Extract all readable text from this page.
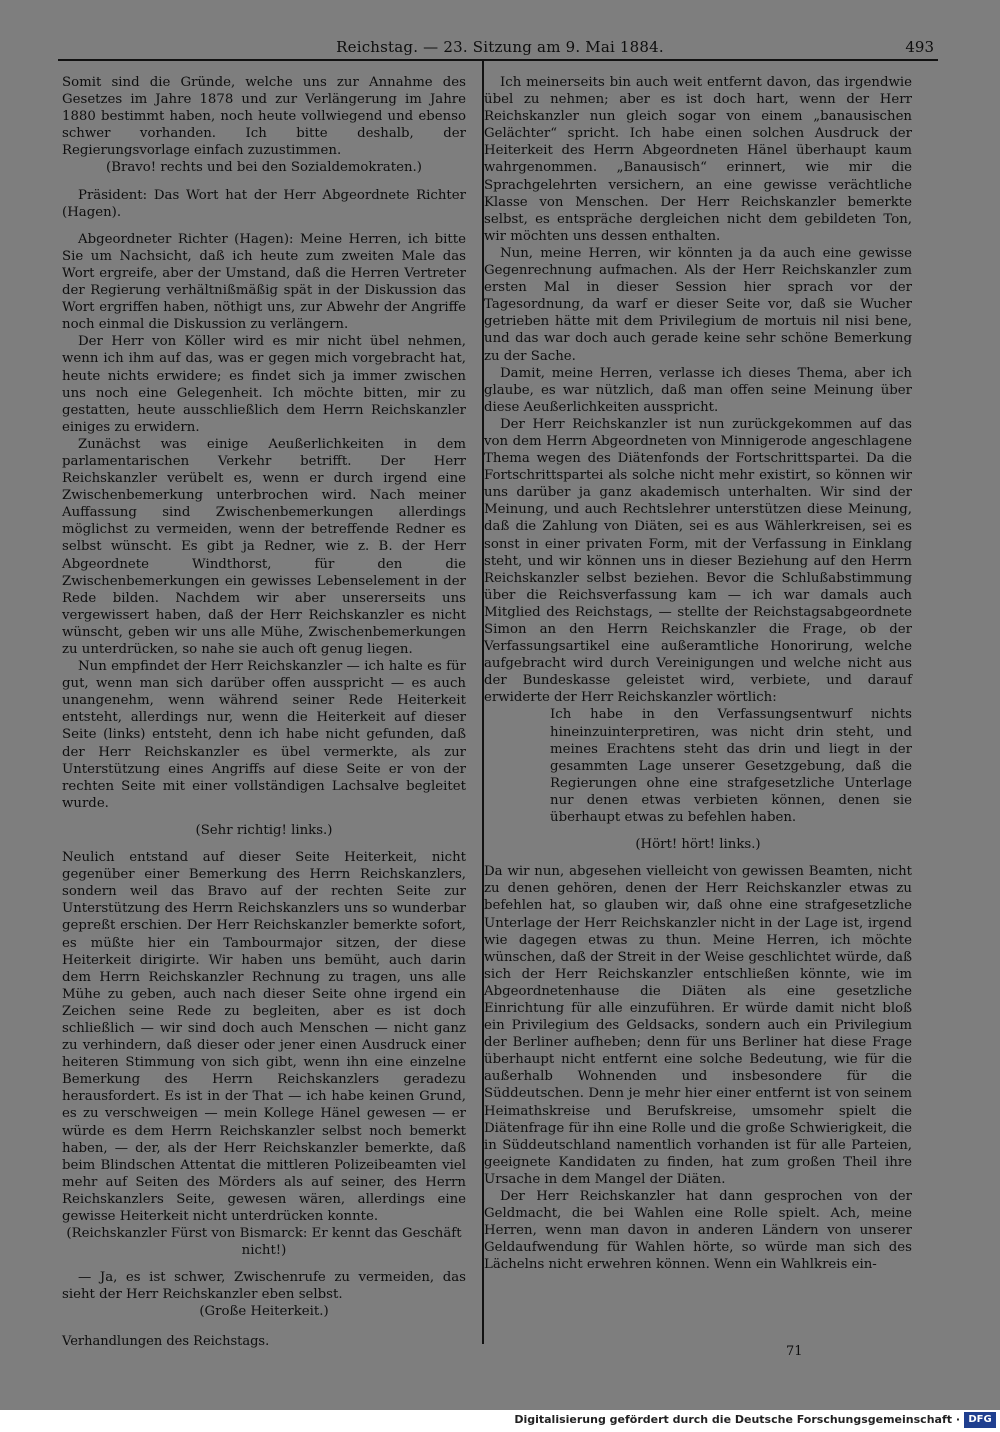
Reichstag. — 23. Sitzung am 9. Mai 1884.	493

Somit sind die Gründe, welche uns zur Annahme des Gesetzes im Jahre 1878 und zur Verlängerung im Jahre 1880 bestimmt haben, noch heute vollwiegend und ebenso schwer vorhanden. Ich bitte deshalb, der Regierungsvorlage einfach zuzustimmen.

(Bravo! rechts und bei den Sozialdemokraten.)

Präsident: Das Wort hat der Herr Abgeordnete Richter (Hagen).

Abgeordneter Richter (Hagen): Meine Herren, ich bitte Sie um Nachsicht, daß ich heute zum zweiten Male das Wort ergreife, aber der Umstand, daß die Herren Vertreter der Regierung verhältnißmäßig spät in der Diskussion das Wort ergriffen haben, nöthigt uns, zur Abwehr der Angriffe noch einmal die Diskussion zu verlängern.

Der Herr von Köller wird es mir nicht übel nehmen, wenn ich ihm auf das, was er gegen mich vorgebracht hat, heute nichts erwidere; es findet sich ja immer zwischen uns noch eine Gelegenheit. Ich möchte bitten, mir zu gestatten, heute ausschließlich dem Herrn Reichskanzler einiges zu erwidern.

Zunächst was einige Aeußerlichkeiten in dem parlamentarischen Verkehr betrifft. Der Herr Reichskanzler verübelt es, wenn er durch irgend eine Zwischenbemerkung unterbrochen wird. Nach meiner Auffassung sind Zwischenbemerkungen allerdings möglichst zu vermeiden, wenn der betreffende Redner es selbst wünscht. Es gibt ja Redner, wie z. B. der Herr Abgeordnete Windthorst, für den die Zwischenbemerkungen ein gewisses Lebenselement in der Rede bilden. Nachdem wir aber unsererseits uns vergewissert haben, daß der Herr Reichskanzler es nicht wünscht, geben wir uns alle Mühe, Zwischenbemerkungen zu unterdrücken, so nahe sie auch oft genug liegen.

Nun empfindet der Herr Reichskanzler — ich halte es für gut, wenn man sich darüber offen ausspricht — es auch unangenehm, wenn während seiner Rede Heiterkeit entsteht, allerdings nur, wenn die Heiterkeit auf dieser Seite (links) entsteht, denn ich habe nicht gefunden, daß der Herr Reichskanzler es übel vermerkte, als zur Unterstützung eines Angriffs auf diese Seite er von der rechten Seite mit einer vollständigen Lachsalve begleitet wurde.

(Sehr richtig! links.)

Neulich entstand auf dieser Seite Heiterkeit, nicht gegenüber einer Bemerkung des Herrn Reichskanzlers, sondern weil das Bravo auf der rechten Seite zur Unterstützung des Herrn Reichskanzlers uns so wunderbar gepreßt erschien. Der Herr Reichskanzler bemerkte sofort, es müßte hier ein Tambourmajor sitzen, der diese Heiterkeit dirigirte. Wir haben uns bemüht, auch darin dem Herrn Reichskanzler Rechnung zu tragen, uns alle Mühe zu geben, auch nach dieser Seite ohne irgend ein Zeichen seine Rede zu begleiten, aber es ist doch schließlich — wir sind doch auch Menschen — nicht ganz zu verhindern, daß dieser oder jener einen Ausdruck einer heiteren Stimmung von sich gibt, wenn ihn eine einzelne Bemerkung des Herrn Reichskanzlers geradezu herausfordert. Es ist in der That — ich habe keinen Grund, es zu verschweigen — mein Kollege Hänel gewesen — er würde es dem Herrn Reichskanzler selbst noch bemerkt haben, — der, als der Herr Reichskanzler bemerkte, daß beim Blindschen Attentat die mittleren Polizeibeamten viel mehr auf Seiten des Mörders als auf seiner, des Herrn Reichskanzlers Seite, gewesen wären, allerdings eine gewisse Heiterkeit nicht unterdrücken konnte.

(Reichskanzler Fürst von Bismarck: Er kennt das Geschäft nicht!)

— Ja, es ist schwer, Zwischenrufe zu vermeiden, das sieht der Herr Reichskanzler eben selbst.

(Große Heiterkeit.)

Ich meinerseits bin auch weit entfernt davon, das irgendwie übel zu nehmen; aber es ist doch hart, wenn der Herr Reichskanzler nun gleich sogar von einem „banausischen Gelächter“ spricht. Ich habe einen solchen Ausdruck der Heiterkeit des Herrn Abgeordneten Hänel überhaupt kaum wahrgenommen. „Banausisch“ erinnert, wie mir die Sprachgelehrten versichern, an eine gewisse verächtliche Klasse von Menschen. Der Herr Reichskanzler bemerkte selbst, es entspräche dergleichen nicht dem gebildeten Ton, wir möchten uns dessen enthalten.

Nun, meine Herren, wir könnten ja da auch eine gewisse Gegenrechnung aufmachen. Als der Herr Reichskanzler zum ersten Mal in dieser Session hier sprach vor der Tagesordnung, da warf er dieser Seite vor, daß sie Wucher getrieben hätte mit dem Privilegium de mortuis nil nisi bene, und das war doch auch gerade keine sehr schöne Bemerkung zu der Sache.

Damit, meine Herren, verlasse ich dieses Thema, aber ich glaube, es war nützlich, daß man offen seine Meinung über diese Aeußerlichkeiten ausspricht.

Der Herr Reichskanzler ist nun zurückgekommen auf das von dem Herrn Abgeordneten von Minnigerode angeschlagene Thema wegen des Diätenfonds der Fortschrittspartei. Da die Fortschrittspartei als solche nicht mehr existirt, so können wir uns darüber ja ganz akademisch unterhalten. Wir sind der Meinung, und auch Rechtslehrer unterstützen diese Meinung, daß die Zahlung von Diäten, sei es aus Wählerkreisen, sei es sonst in einer privaten Form, mit der Verfassung in Einklang steht, und wir können uns in dieser Beziehung auf den Herrn Reichskanzler selbst beziehen. Bevor die Schlußabstimmung über die Reichsverfassung kam — ich war damals auch Mitglied des Reichstags, — stellte der Reichstagsabgeordnete Simon an den Herrn Reichskanzler die Frage, ob der Verfassungsartikel eine außeramtliche Honorirung, welche aufgebracht wird durch Vereinigungen und welche nicht aus der Bundeskasse geleistet wird, verbiete, und darauf erwiderte der Herr Reichskanzler wörtlich:

Ich habe in den Verfassungsentwurf nichts hineinzuinterpretiren, was nicht drin steht, und meines Erachtens steht das drin und liegt in der gesammten Lage unserer Gesetzgebung, daß die Regierungen ohne eine strafgesetzliche Unterlage nur denen etwas verbieten können, denen sie überhaupt etwas zu befehlen haben.

(Hört! hört! links.)

Da wir nun, abgesehen vielleicht von gewissen Beamten, nicht zu denen gehören, denen der Herr Reichskanzler etwas zu befehlen hat, so glauben wir, daß ohne eine strafgesetzliche Unterlage der Herr Reichskanzler nicht in der Lage ist, irgend wie dagegen etwas zu thun. Meine Herren, ich möchte wünschen, daß der Streit in der Weise geschlichtet würde, daß sich der Herr Reichskanzler entschließen könnte, wie im Abgeordnetenhause die Diäten als eine gesetzliche Einrichtung für alle einzuführen. Er würde damit nicht bloß ein Privilegium des Geldsacks, sondern auch ein Privilegium der Berliner aufheben; denn für uns Berliner hat diese Frage überhaupt nicht entfernt eine solche Bedeutung, wie für die außerhalb Wohnenden und insbesondere für die Süddeutschen. Denn je mehr hier einer entfernt ist von seinem Heimathskreise und Berufskreise, umsomehr spielt die Diätenfrage für ihn eine Rolle und die große Schwierigkeit, die in Süddeutschland namentlich vorhanden ist für alle Parteien, geeignete Kandidaten zu finden, hat zum großen Theil ihre Ursache in dem Mangel der Diäten.

Der Herr Reichskanzler hat dann gesprochen von der Geldmacht, die bei Wahlen eine Rolle spielt. Ach, meine Herren, wenn man davon in anderen Ländern von unserer Geldaufwendung für Wahlen hörte, so würde man sich des Lächelns nicht erwehren können. Wenn ein Wahlkreis ein-

Verhandlungen des Reichstags.
71
Digitalisierung gefördert durch die Deutsche Forschungsgemeinschaft · DFG
